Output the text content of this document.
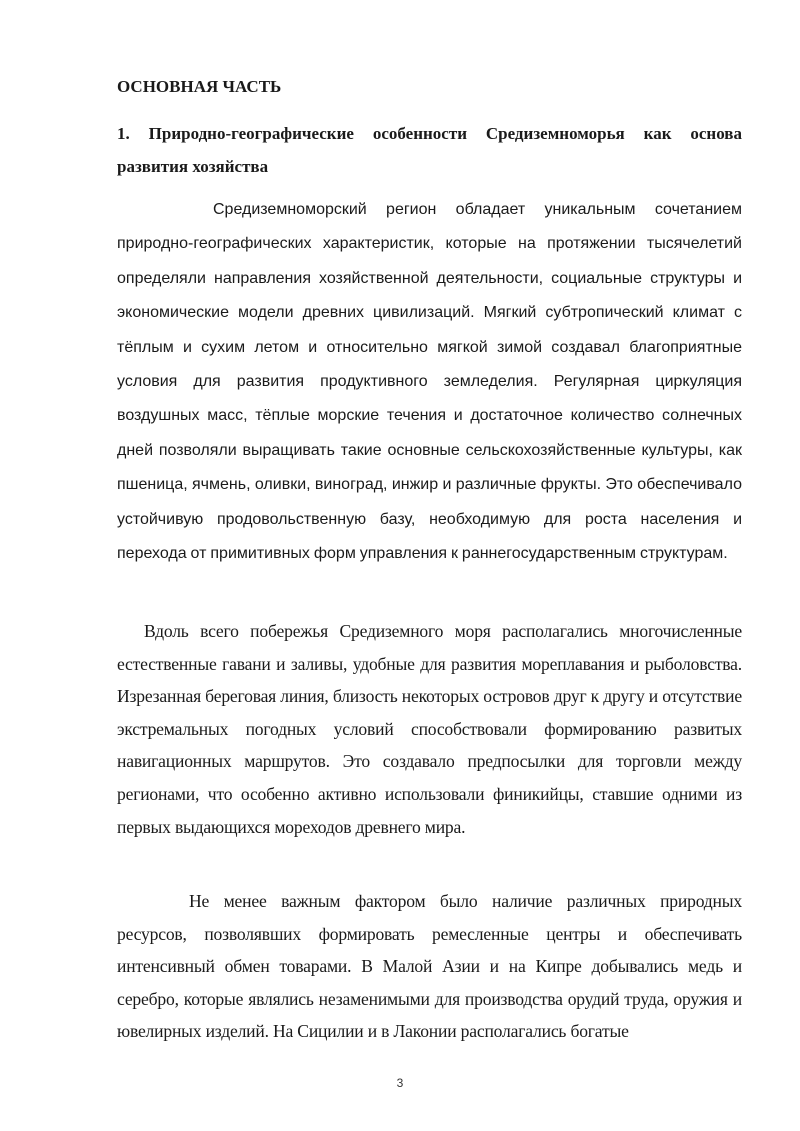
ОСНОВНАЯ ЧАСТЬ
1. Природно-географические особенности Средиземноморья как основа развития хозяйства

Средиземноморский регион обладает уникальным сочетанием природно-географических характеристик, которые на протяжении тысячелетий определяли направления хозяйственной деятельности, социальные структуры и экономические модели древних цивилизаций. Мягкий субтропический климат с тёплым и сухим летом и относительно мягкой зимой создавал благоприятные условия для развития продуктивного земледелия. Регулярная циркуляция воздушных масс, тёплые морские течения и достаточное количество солнечных дней позволяли выращивать такие основные сельскохозяйственные культуры, как пшеница, ячмень, оливки, виноград, инжир и различные фрукты. Это обеспечивало устойчивую продовольственную базу, необходимую для роста населения и перехода от примитивных форм управления к раннегосударственным структурам.

Вдоль всего побережья Средиземного моря располагались многочисленные естественные гавани и заливы, удобные для развития мореплавания и рыболовства. Изрезанная береговая линия, близость некоторых островов друг к другу и отсутствие экстремальных погодных условий способствовали формированию развитых навигационных маршрутов. Это создавало предпосылки для торговли между регионами, что особенно активно использовали финикийцы, ставшие одними из первых выдающихся мореходов древнего мира.

Не менее важным фактором было наличие различных природных ресурсов, позволявших формировать ремесленные центры и обеспечивать интенсивный обмен товарами. В Малой Азии и на Кипре добывались медь и серебро, которые являлись незаменимыми для производства орудий труда, оружия и ювелирных изделий. На Сицилии и в Лаконии располагались богатые

3
